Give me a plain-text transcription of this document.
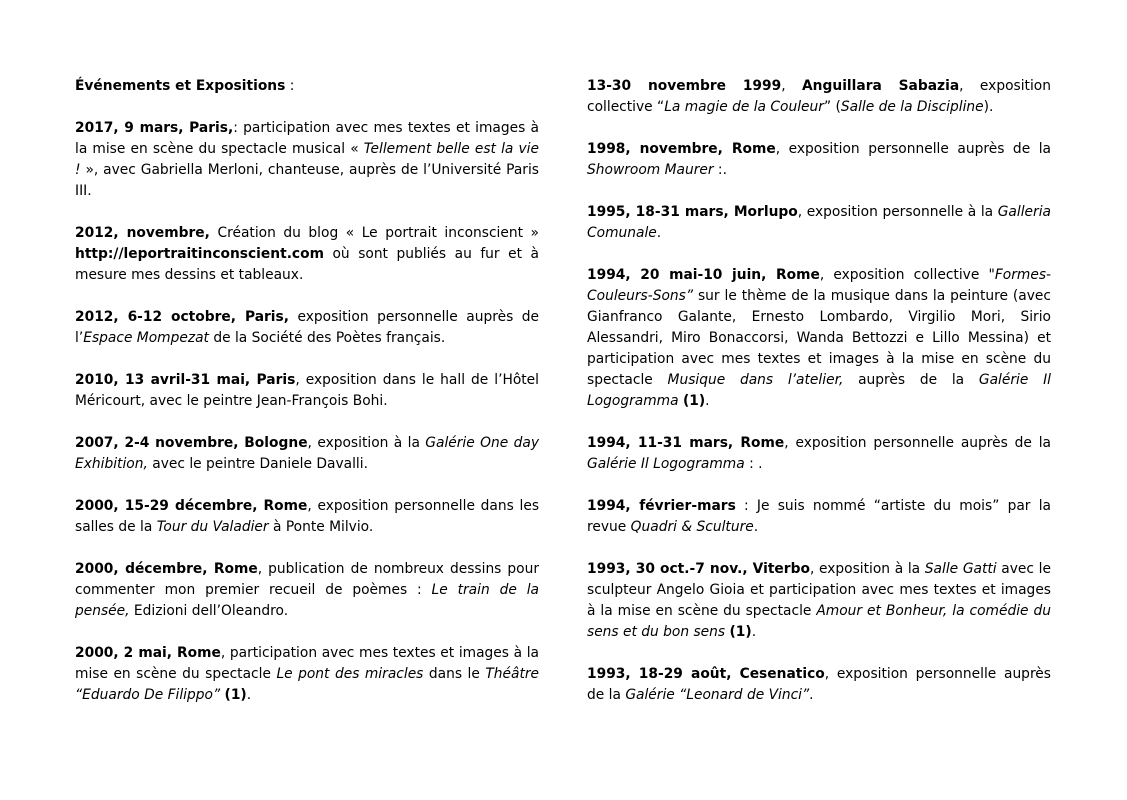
Événements et Expositions :

2017, 9 mars, Paris,: participation avec mes textes et images à la mise en scène du spectacle musical « Tellement belle est la vie ! », avec Gabriella Merloni, chanteuse, auprès de l’Université Paris III.

2012, novembre, Création du blog « Le portrait inconscient » http://leportraitinconscient.com où sont publiés au fur et à mesure mes dessins et tableaux.

2012, 6-12 octobre, Paris, exposition personnelle auprès de l’Espace Mompezat de la Société des Poètes français.

2010, 13 avril-31 mai, Paris, exposition dans le hall de l’Hôtel Méricourt, avec le peintre Jean-François Bohi.

2007, 2-4 novembre, Bologne, exposition à la Galérie One day Exhibition, avec le peintre Daniele Davalli.

2000, 15-29 décembre, Rome, exposition personnelle dans les salles de la Tour du Valadier à Ponte Milvio.

2000, décembre, Rome, publication de nombreux dessins pour commenter mon premier recueil de poèmes : Le train de la pensée, Edizioni dell’Oleandro.

2000, 2 mai, Rome, participation avec mes textes et images à la mise en scène du spectacle Le pont des miracles dans le Théâtre “Eduardo De Filippo” (1).

13-30 novembre 1999, Anguillara Sabazia, exposition collective “La magie de la Couleur” (Salle de la Discipline).

1998, novembre, Rome, exposition personnelle auprès de la Showroom Maurer :.

1995, 18-31 mars, Morlupo, exposition personnelle à la Galleria Comunale.

1994, 20 mai-10 juin, Rome, exposition collective "Formes-Couleurs-Sons” sur le thème de la musique dans la peinture (avec Gianfranco Galante, Ernesto Lombardo, Virgilio Mori, Sirio Alessandri, Miro Bonaccorsi, Wanda Bettozzi e Lillo Messina) et participation avec mes textes et images à la mise en scène du spectacle Musique dans l’atelier, auprès de la Galérie Il Logogramma (1).

1994, 11-31 mars, Rome, exposition personnelle auprès de la Galérie Il Logogramma : .

1994, février-mars : Je suis nommé “artiste du mois” par la revue Quadri & Sculture.

1993, 30 oct.-7 nov., Viterbo, exposition à la Salle Gatti avec le sculpteur Angelo Gioia et participation avec mes textes et images à la mise en scène du spectacle Amour et Bonheur, la comédie du sens et du bon sens (1).

1993, 18-29 août, Cesenatico, exposition personnelle auprès de la Galérie “Leonard de Vinci”.
